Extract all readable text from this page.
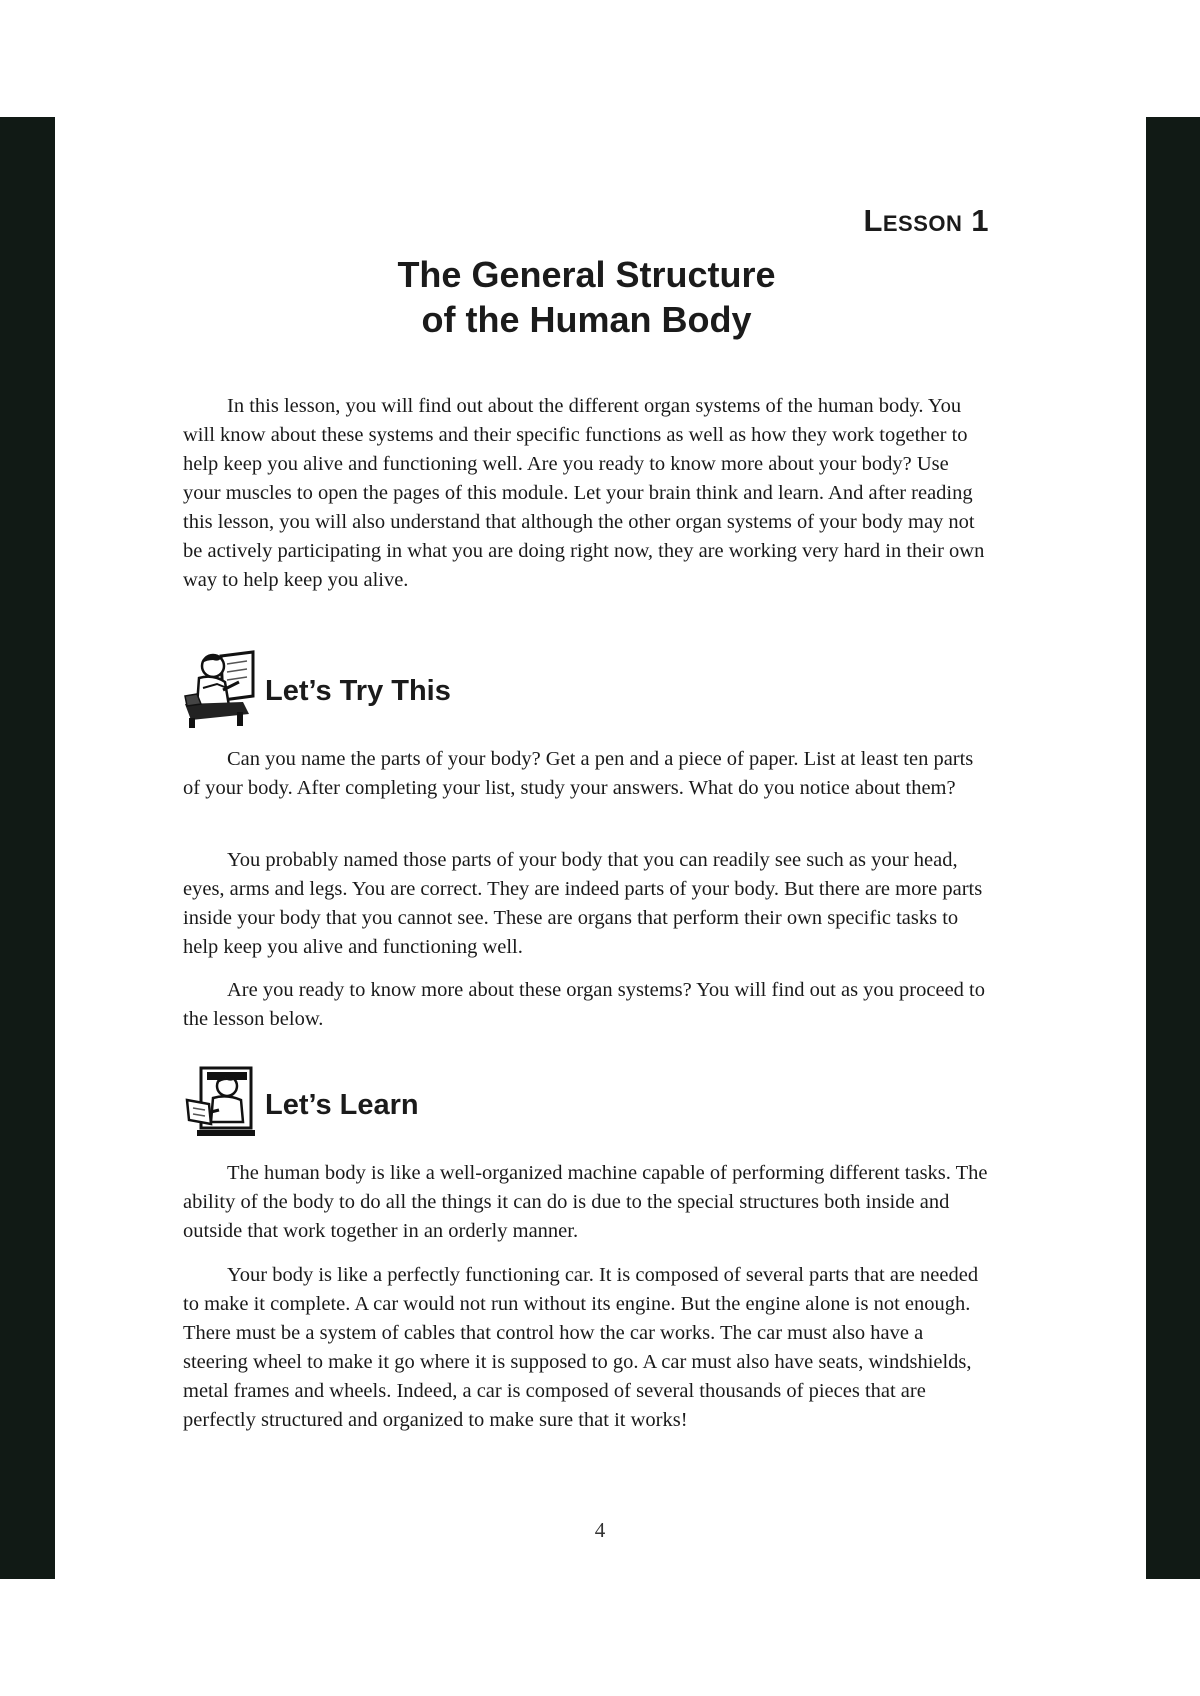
LESSON 1
The General Structure
of the Human Body

In this lesson, you will find out about the different organ systems of the human body. You will know about these systems and their specific functions as well as how they work together to help keep you alive and functioning well. Are you ready to know more about your body? Use your muscles to open the pages of this module. Let your brain think and learn. And after reading this lesson, you will also understand that although the other organ systems of your body may not be actively participating in what you are doing right now, they are working very hard in their own way to help keep you alive.

Let’s Try This

Can you name the parts of your body? Get a pen and a piece of paper. List at least ten parts of your body. After completing your list, study your answers. What do you notice about them?

You probably named those parts of your body that you can readily see such as your head, eyes, arms and legs. You are correct. They are indeed parts of your body. But there are more parts inside your body that you cannot see. These are organs that perform their own specific tasks to help keep you alive and functioning well.

Are you ready to know more about these organ systems? You will find out as you proceed to the lesson below.

Let’s Learn

The human body is like a well-organized machine capable of performing different tasks. The ability of the body to do all the things it can do is due to the special structures both inside and outside that work together in an orderly manner.

Your body is like a perfectly functioning car. It is composed of several parts that are needed to make it complete. A car would not run without its engine. But the engine alone is not enough. There must be a system of cables that control how the car works. The car must also have a steering wheel to make it go where it is supposed to go. A car must also have seats, windshields, metal frames and wheels. Indeed, a car is composed of several thousands of pieces that are perfectly structured and organized to make sure that it works!

4
